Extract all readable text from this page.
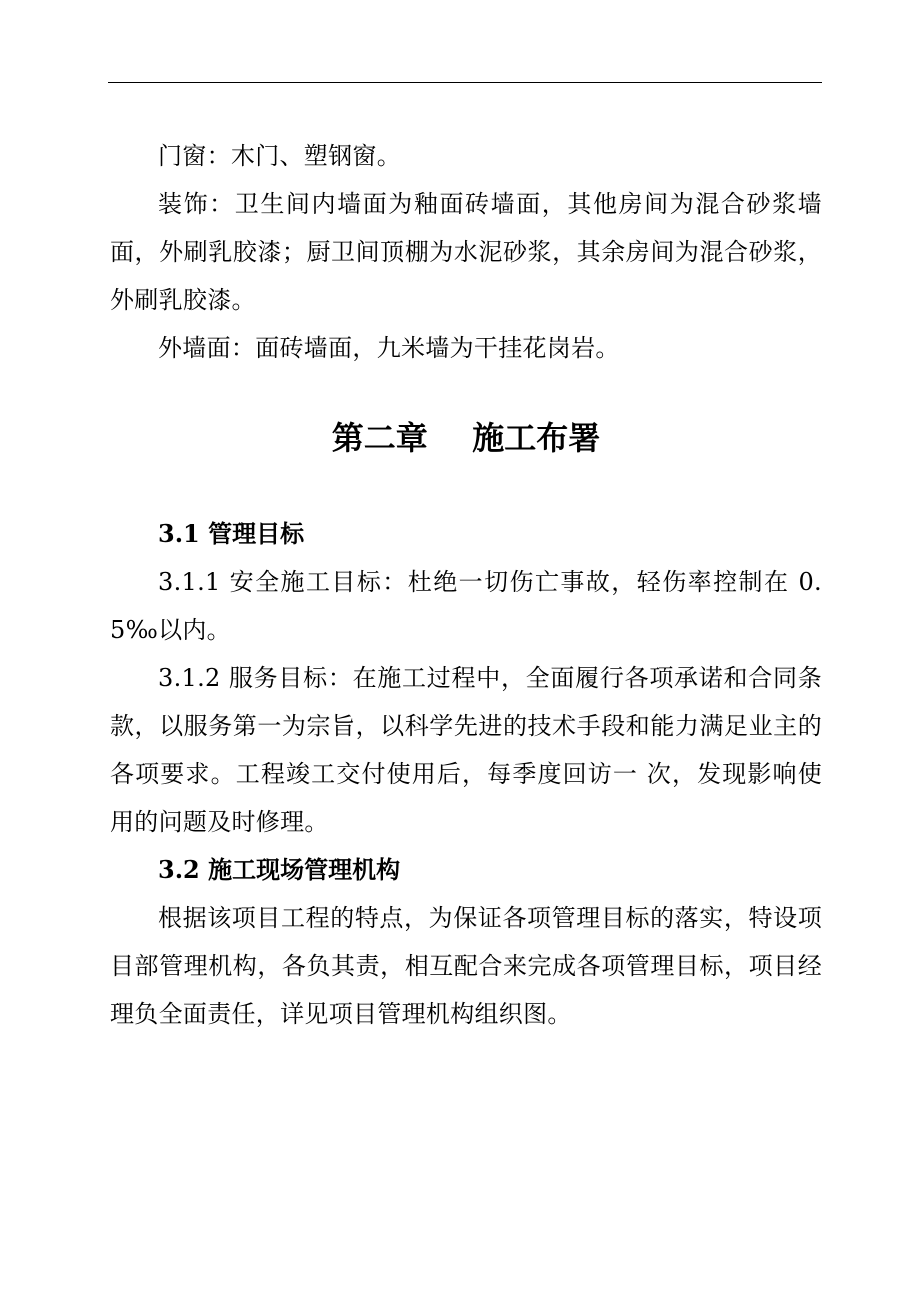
门窗：木门、塑钢窗。

装饰：卫生间内墙面为釉面砖墙面，其他房间为混合砂浆墙面，外刷乳胶漆；厨卫间顶棚为水泥砂浆，其余房间为混合砂浆，外刷乳胶漆。

外墙面：面砖墙面，九米墙为干挂花岗岩。

第二章    施工布署
3.1 管理目标

3.1.1 安全施工目标：杜绝一切伤亡事故，轻伤率控制在 0.5‰以内。

3.1.2 服务目标：在施工过程中，全面履行各项承诺和合同条款，以服务第一为宗旨，以科学先进的技术手段和能力满足业主的各项要求。工程竣工交付使用后，每季度回访一 次，发现影响使用的问题及时修理。

3.2 施工现场管理机构

根据该项目工程的特点，为保证各项管理目标的落实，特设项目部管理机构，各负其责，相互配合来完成各项管理目标，项目经理负全面责任，详见项目管理机构组织图。
